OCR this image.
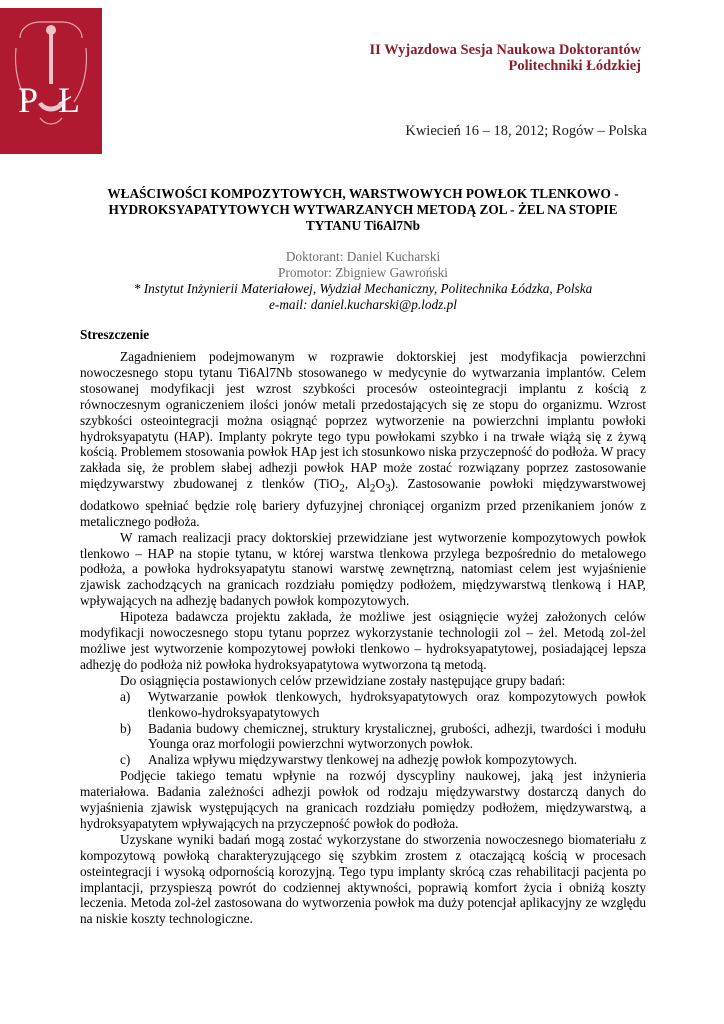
P Ł
II Wyjazdowa Sesja Naukowa Doktorantów
Politechniki Łódzkiej
Kwiecień 16 – 18, 2012; Rogów – Polska
WŁAŚCIWOŚCI KOMPOZYTOWYCH, WARSTWOWYCH POWŁOK TLENKOWO - HYDROKSYAPATYTOWYCH WYTWARZANYCH METODĄ ZOL - ŻEL NA STOPIE TYTANU Ti6Al7Nb
Doktorant: Daniel Kucharski
Promotor: Zbigniew Gawroński
* Instytut Inżynierii Materiałowej, Wydział Mechaniczny, Politechnika Łódzka, Polska
e-mail: daniel.kucharski@p.lodz.pl
Streszczenie

Zagadnieniem podejmowanym w rozprawie doktorskiej jest modyfikacja powierzchni nowoczesnego stopu tytanu Ti6Al7Nb stosowanego w medycynie do wytwarzania implantów. Celem stosowanej modyfikacji jest wzrost szybkości procesów osteointegracji implantu z kością z równoczesnym ograniczeniem ilości jonów metali przedostających się ze stopu do organizmu. Wzrost szybkości osteointegracji można osiągnąć poprzez wytworzenie na powierzchni implantu powłoki hydroksyapatytu (HAP). Implanty pokryte tego typu powłokami szybko i na trwałe wiążą się z żywą kością. Problemem stosowania powłok HAp jest ich stosunkowo niska przyczepność do podłoża. W pracy zakłada się, że problem słabej adhezji powłok HAP może zostać rozwiązany poprzez zastosowanie międzywarstwy zbudowanej z tlenków (TiO$_2$, $Al_2O_3$). Zastosowanie powłoki międzywarstwowej dodatkowo spełniać będzie rolę bariery dyfuzyjnej chroniącej organizm przed przenikaniem jonów z metalicznego podłoża.

W ramach realizacji pracy doktorskiej przewidziane jest wytworzenie kompozytowych powłok tlenkowo – HAP na stopie tytanu, w której warstwa tlenkowa przylega bezpośrednio do metalowego podłoża, a powłoka hydroksyapatytu stanowi warstwę zewnętrzną, natomiast celem jest wyjaśnienie zjawisk zachodzących na granicach rozdziału pomiędzy podłożem, międzywarstwą tlenkową i HAP, wpływających na adhezję badanych powłok kompozytowych.

Hipoteza badawcza projektu zakłada, że możliwe jest osiągnięcie wyżej założonych celów modyfikacji nowoczesnego stopu tytanu poprzez wykorzystanie technologii zol – żel. Metodą zol-żel możliwe jest wytworzenie kompozytowej powłoki tlenkowo – hydroksyapatytowej, posiadającej lepsza adhezję do podłoża niż powłoka hydroksyapatytowa wytworzona tą metodą.

Do osiągnięcia postawionych celów przewidziane zostały następujące grupy badań:

a) Wytwarzanie powłok tlenkowych, hydroksyapatytowych oraz kompozytowych powłok tlenkowo-hydroksyapatytowych
b) Badania budowy chemicznej, struktury krystalicznej, grubości, adhezji, twardości i modułu Younga oraz morfologii powierzchni wytworzonych powłok.
c) Analiza wpływu międzywarstwy tlenkowej na adhezję powłok kompozytowych.

Podjęcie takiego tematu wpłynie na rozwój dyscypliny naukowej, jaką jest inżynieria materiałowa. Badania zależności adhezji powłok od rodzaju międzywarstwy dostarczą danych do wyjaśnienia zjawisk występujących na granicach rozdziału pomiędzy podłożem, międzywarstwą, a hydroksyapatytem wpływających na przyczepność powłok do podłoża.

Uzyskane wyniki badań mogą zostać wykorzystane do stworzenia nowoczesnego biomateriału z kompozytową powłoką charakteryzującego się szybkim zrostem z otaczającą kością w procesach osteintegracji i wysoką odpornością korozyjną. Tego typu implanty skrócą czas rehabilitacji pacjenta po implantacji, przyspieszą powrót do codziennej aktywności, poprawią komfort życia i obniżą koszty leczenia. Metoda zol-żel zastosowana do wytworzenia powłok ma duży potencjał aplikacyjny ze względu na niskie koszty technologiczne.
